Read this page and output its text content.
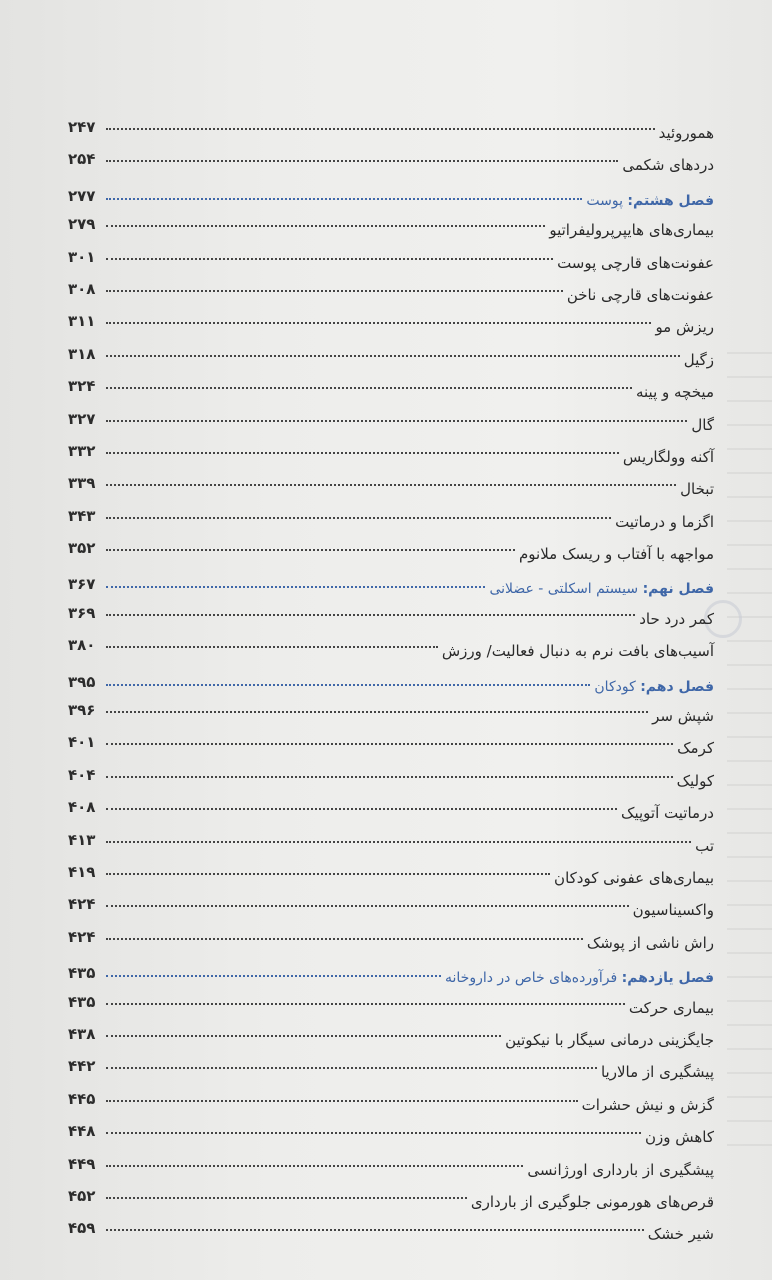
هموروئید
۲۴۷
دردهای شکمی
۲۵۴
فصل هشتم: پوست
۲۷۷
بیماری‌های هایپرپرولیفراتیو
۲۷۹
عفونت‌های قارچی پوست
۳۰۱
عفونت‌های قارچی ناخن
۳۰۸
ریزش مو
۳۱۱
زگیل
۳۱۸
میخچه و پینه
۳۲۴
گال
۳۲۷
آکنه وولگاریس
۳۳۲
تبخال
۳۳۹
اگزما و درماتیت
۳۴۳
مواجهه با آفتاب و ریسک ملانوم
۳۵۲
فصل نهم: سیستم اسکلتی - عضلانی
۳۶۷
کمر درد حاد
۳۶۹
آسیب‌های بافت نرم به دنبال فعالیت/ ورزش
۳۸۰
فصل دهم: کودکان
۳۹۵
شپش سر
۳۹۶
کرمک
۴۰۱
کولیک
۴۰۴
درماتیت آتوپیک
۴۰۸
تب
۴۱۳
بیماری‌های عفونی کودکان
۴۱۹
واکسیناسیون
۴۲۴
راش ناشی از پوشک
۴۲۴
فصل یازدهم: فرآورده‌های خاص در داروخانه
۴۳۵
بیماری حرکت
۴۳۵
جایگزینی درمانی سیگار با نیکوتین
۴۳۸
پیشگیری از مالاریا
۴۴۲
گزش و نیش حشرات
۴۴۵
کاهش وزن
۴۴۸
پیشگیری از بارداری اورژانسی
۴۴۹
قرص‌های هورمونی جلوگیری از بارداری
۴۵۲
شیر خشک
۴۵۹
